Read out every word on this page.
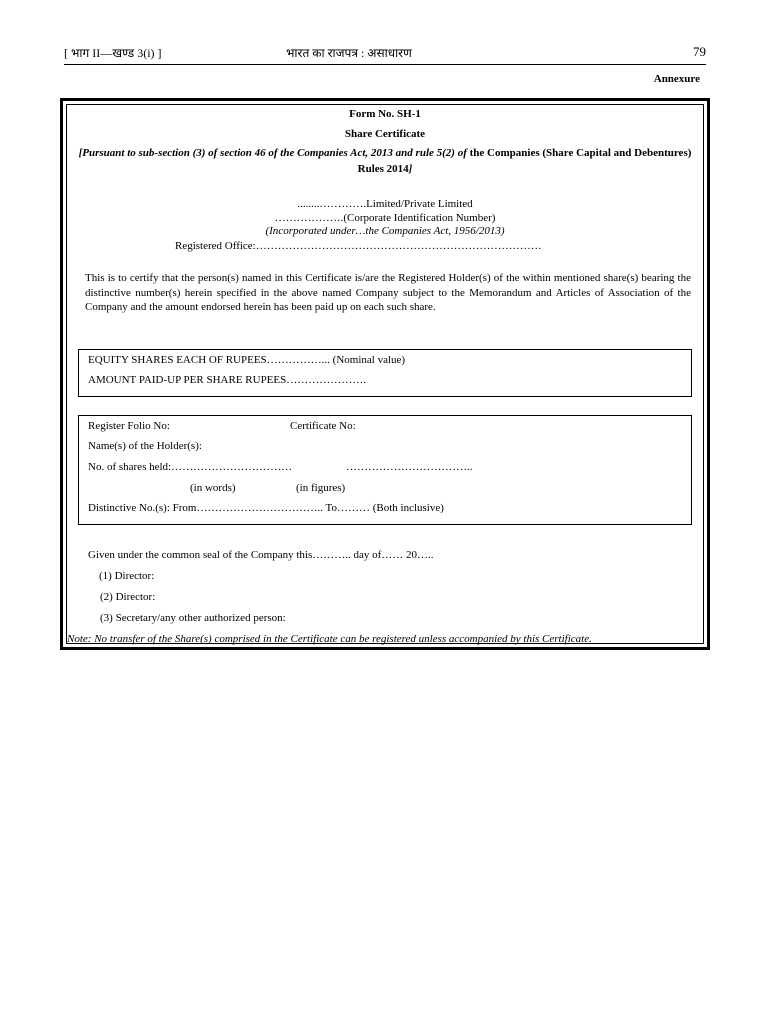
[ भाग II—खण्ड 3(i) ]	भारत का राजपत्र : असाधारण	79
Annexure
Form No. SH-1
Share Certificate
[Pursuant to sub-section (3) of section 46 of the Companies Act, 2013 and rule 5(2) of the Companies (Share Capital and Debentures) Rules 2014]
........………….Limited/Private Limited
……………….(Corporate Identification Number)
(Incorporated under…the Companies Act, 1956/2013)
Registered Office:……………………………………………………………………
This is to certify that the person(s) named in this Certificate is/are the Registered Holder(s) of the within mentioned share(s) bearing the distinctive number(s) herein specified in the above named Company subject to the Memorandum and Articles of Association of the Company and the amount endorsed herein has been paid up on each such share.
EQUITY SHARES EACH OF RUPEES……………... (Nominal value)
AMOUNT PAID-UP PER SHARE RUPEES………………….
Register Folio No:	Certificate No:
Name(s) of the Holder(s):
No. of shares held:……………………………	……………………………..
(in words)	(in figures)
Distinctive No.(s): From…………………………….. To……… (Both inclusive)
Given under the common seal of the Company this……….. day of…… 20…..
(1) Director:
(2) Director:
(3) Secretary/any other authorized person:
Note: No transfer of the Share(s) comprised in the Certificate can be registered unless accompanied by this Certificate.
